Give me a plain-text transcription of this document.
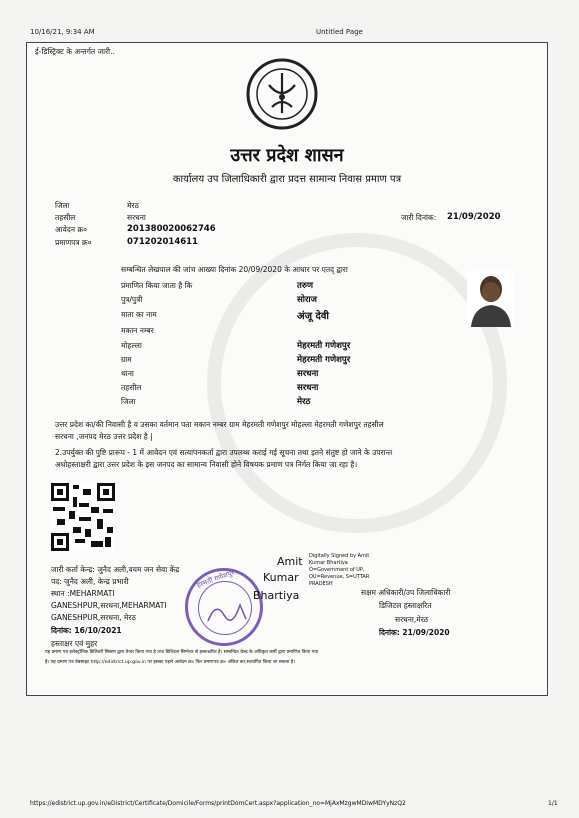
10/16/21, 9:34 AM	Untitled Page
ई-डिस्ट्रिक्ट के अन्तर्गत जारी..
उत्तर प्रदेश शासन
कार्यालय उप जिलाधिकारी द्वारा प्रदत्त सामान्य निवास प्रमाण पत्र
जिला	मेरठ
तहसील	सरधना
आवेदन क्र०	201380020062746
प्रमाणपत्र क्र०	071202014611
जारी दिनांक: 21/09/2020
सम्बन्धित लेखपाल की जांच आख्या दिनांक 20/09/2020 के आधार पर एतद् द्वारा
प्रमाणित किया जाता है कि	तरुण
पुत्र/पुत्री	सोराज
माता का नाम	अंजू देवी
मकान नम्बर
मोहल्ला	मेहरमती गणेशपुर
ग्राम	मेहरमती गणेशपुर
थाना	सरधना
तहसील	सरधना
जिला	मेरठ
उत्तर प्रदेश का/की निवासी है व उसका वर्तमान पता मकान नम्बर ग्राम मेहरमती गणेशपुर मोहल्ला मेहरमती गणेशपुर तहसील
सरधना ,जनपद मेरठ उत्तर प्रदेश है |
2.उपर्युक्त की पुष्टि प्रारूप - 1 में आवेदन एवं सत्यापनकर्ता द्वारा उपलब्ध कराई गई सूचना तथा इतने संतुष्ट हो जाने के उपरान्त
अधोहस्ताक्षरी द्वारा उत्तर प्रदेश के इस जनपद का सामान्य निवासी होने विषयक प्रमाण पत्र निर्गत किया जा रहा है।
जारी कर्ता केन्द्र: जुनैद अली,वयम जन सेवा केंद्र
पद: जुनैद अली, केन्द्र प्रभारी
स्थान :MEHARMATI
GANESHPUR,सरधना,MEHARMATI
GANESHPUR,सरधना, मेरठ
दिनांक: 16/10/2021
हस्ताक्षर एवं मुहर
हरमती गणेशपुर
Amit
Kumar
Bhartiya
Digitally Signed by Amit
Kumar Bhartiya
O=Government of UP,
OU=Revenue, S=UTTAR
PRADESH
सक्षम अधिकारी/उप जिलाधिकारी
डिजिटल हस्ताक्षरित
सरधना,मेरठ
दिनांक: 21/09/2020
यह प्रमाण पत्र इलेक्ट्रॉनिक डिलिवरी सिस्टम द्वारा तैयार किया गया है तथा डिजिटल सिग्नेचर से हस्ताक्षरित है। सम्बन्धित केन्द्र के अधिकृत कर्मी द्वारा प्रमाणित किया गया
है। यह प्रमाण पत्र वेबसाइट http://edistrict.up.gov.in पर इसका पहले आवेदन क्र० फिर प्रमाणपत्र क्र० अंकित कर,सत्यापित किया जा सकता है।
https://edistrict.up.gov.in/eDistrict/Certificate/Domicile/Forms/printDomCert.aspx?application_no=MjAxMzgwMDIwMDYyNzQ2	1/1
